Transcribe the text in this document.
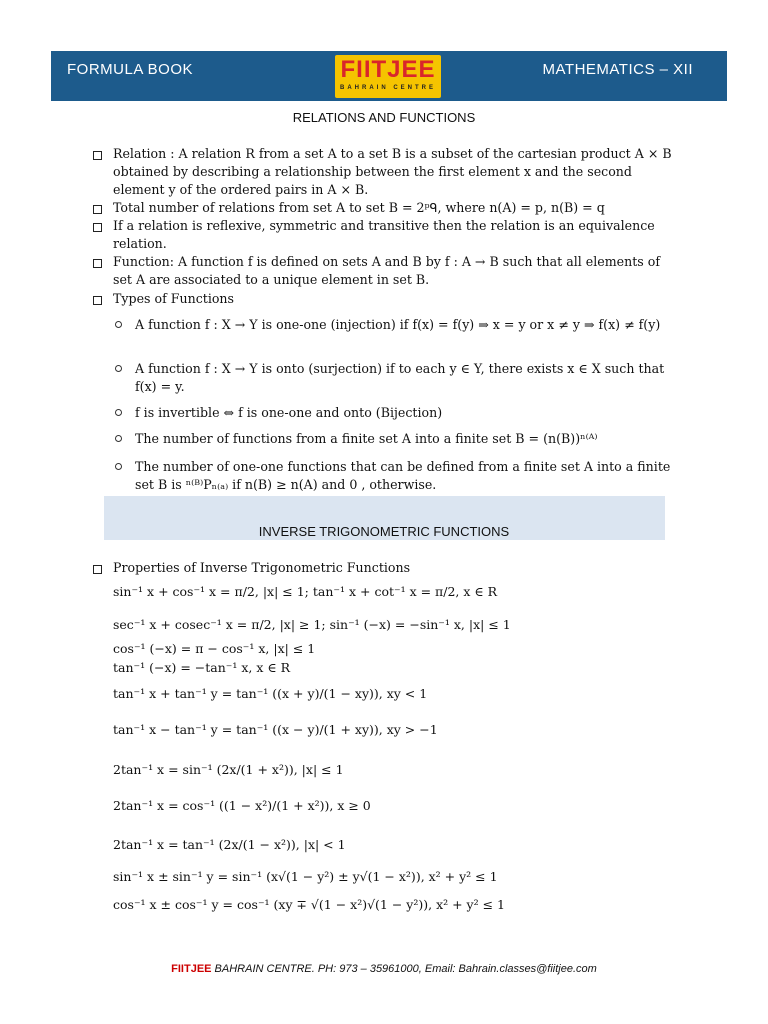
FORMULA BOOK	FIITJEE
BAHRAIN CENTRE
MATHEMATICS – XII
RELATIONS AND FUNCTIONS
Relation : A relation R from a set A to a set B is a subset of the cartesian product A × B obtained by describing a relationship between the first element x and the second element y of the ordered pairs in A × B.
Total number of relations from set A to set B = 2ᵖᑫ, where n(A) = p, n(B) = q
If a relation is reflexive, symmetric and transitive then the relation is an equivalence relation.
Function: A function f is defined on sets A and B by f : A → B such that all elements of set A are associated to a unique element in set B.
Types of Functions
A function f : X → Y is one-one (injection) if f(x) = f(y) ⇒ x = y or x ≠ y ⇒ f(x) ≠ f(y)
A function f : X → Y is onto (surjection) if to each y ∈ Y, there exists x ∈ X such that f(x) = y.
f is invertible ⇔ f is one-one and onto (Bijection)
The number of functions from a finite set A into a finite set B = (n(B))ⁿ⁽ᴬ⁾
The number of one-one functions that can be defined from a finite set A into a finite set B is ⁿ⁽ᴮ⁾Pₙ₍ₐ₎ if n(B) ≥ n(A) and 0 , otherwise.
INVERSE TRIGONOMETRIC FUNCTIONS
Properties of Inverse Trigonometric Functions
sin⁻¹ x + cos⁻¹ x = π/2, |x| ≤ 1; tan⁻¹ x + cot⁻¹ x = π/2, x ∈ R
sec⁻¹ x + cosec⁻¹ x = π/2, |x| ≥ 1; sin⁻¹ (−x) = −sin⁻¹ x, |x| ≤ 1
cos⁻¹ (−x) = π − cos⁻¹ x, |x| ≤ 1
tan⁻¹ (−x) = −tan⁻¹ x, x ∈ R
tan⁻¹ x + tan⁻¹ y = tan⁻¹ ((x + y)/(1 − xy)), xy < 1
tan⁻¹ x − tan⁻¹ y = tan⁻¹ ((x − y)/(1 + xy)), xy > −1
2tan⁻¹ x = sin⁻¹ (2x/(1 + x²)), |x| ≤ 1
2tan⁻¹ x = cos⁻¹ ((1 − x²)/(1 + x²)), x ≥ 0
2tan⁻¹ x = tan⁻¹ (2x/(1 − x²)), |x| < 1
sin⁻¹ x ± sin⁻¹ y = sin⁻¹ (x√(1 − y²) ± y√(1 − x²)), x² + y² ≤ 1
cos⁻¹ x ± cos⁻¹ y = cos⁻¹ (xy ∓ √(1 − x²)√(1 − y²)), x² + y² ≤ 1
FIITJEE BAHRAIN CENTRE. PH: 973 – 35961000, Email: Bahrain.classes@fiitjee.com
